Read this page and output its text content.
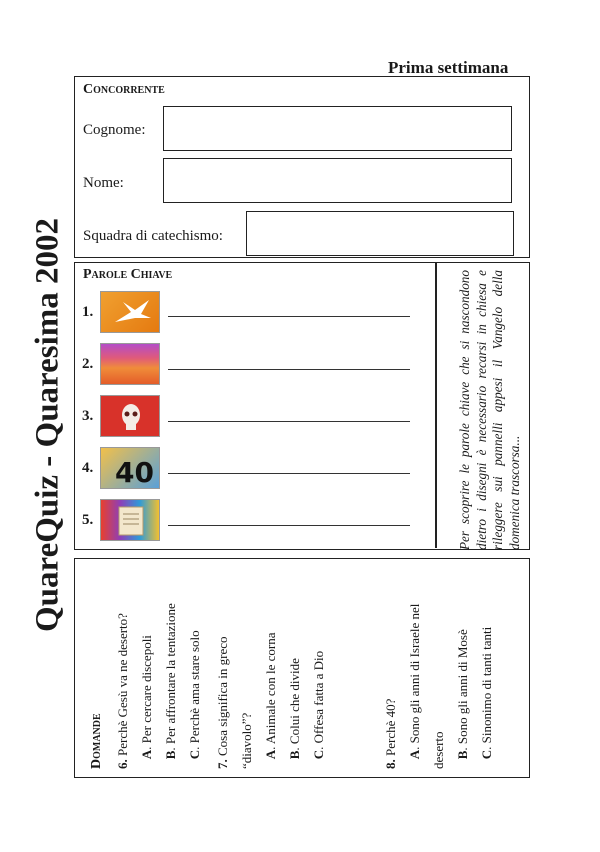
Prima settimana
QuareQuiz - Quaresima 2002
Concorrente
Cognome:
Nome:
Squadra di catechismo:
Parole Chiave
1.
2.
3.
4. 40
5.	Per scoprire le parole chiave che si nascondono dietro i disegni è necessario recarsi in chiesa e rileggere sui pannelli appesi il Vangelo della domenica trascorsa...
Domande 6. Perchè Gesù va ne deserto? A. Per cercare discepoli
B. Per affrontare la tentazione
C. Perchè ama stare solo
7. Cosa significa in greco “diavolo”? A. Animale con le corna
B. Colui che divide
C. Offesa fatta a Dio
8. Perchè 40? A. Sono gli anni di Israele nel
deserto B. Sono gli anni di Mosè
C. Sinonimo di tanti tanti
